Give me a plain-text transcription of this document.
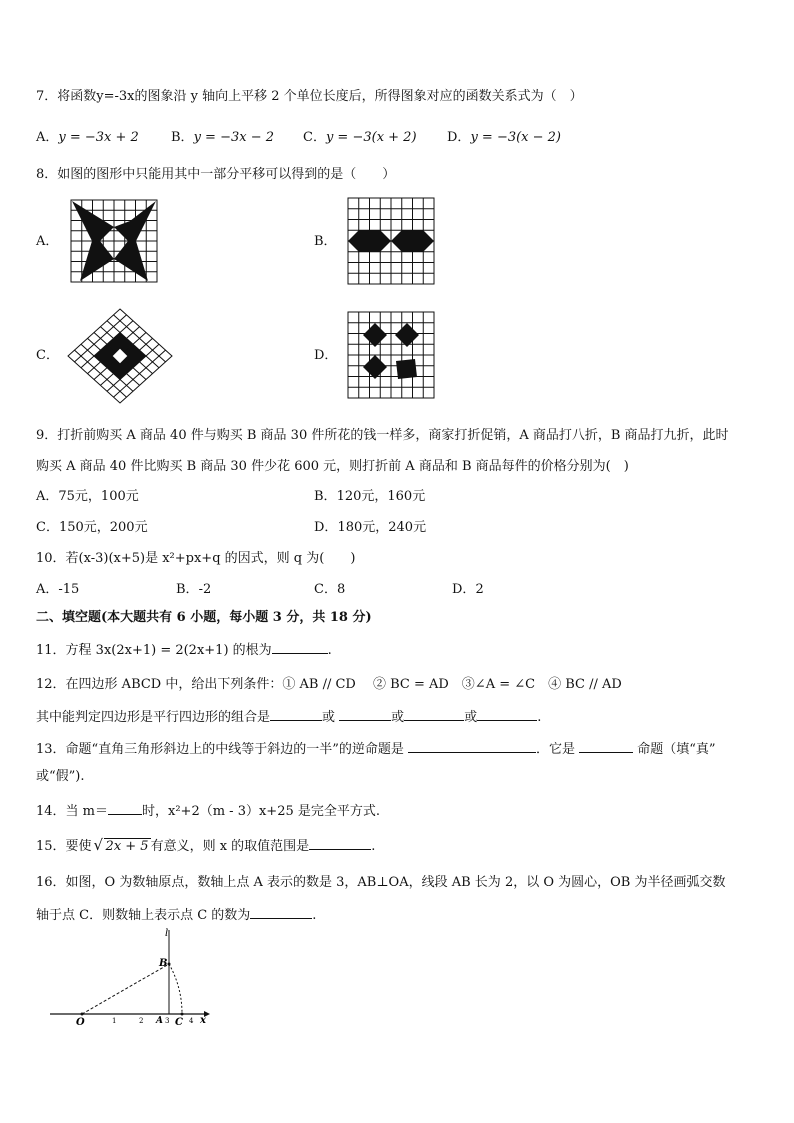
7．将函数y=-3x的图象沿 y 轴向上平移 2 个单位长度后，所得图象对应的函数关系式为（　）
A．𝑦 = −3𝑥 + 2 B．𝑦 = −3𝑥 − 2 C．𝑦 = −3(𝑥 + 2) D．𝑦 = −3(𝑥 − 2)
8．如图的图形中只能用其中一部分平移可以得到的是（　　）
A．	B．
C．	D．
9．打折前购买 A 商品 40 件与购买 B 商品 30 件所花的钱一样多，商家打折促销，A 商品打八折，B 商品打九折，此时
购买 A 商品 40 件比购买 B 商品 30 件少花 600 元，则打折前 A 商品和 B 商品每件的价格分别为(　)
A．75元，100元	B．120元，160元
C．150元，200元	D．180元，240元
10．若(x-3)(x+5)是 x²+px+q 的因式，则 q 为(　　)
A．-15	B．-2	C．8	D．2
二、填空题(本大题共有 6 小题，每小题 3 分，共 18 分)
11．方程 3x(2x+1) = 2(2x+1) 的根为	.
12．在四边形 ABCD 中，给出下列条件：① AB // CD　 ② BC = AD　③∠A = ∠C　④ BC // AD
其中能判定四边形是平行四边形的组合是	或	或	或	.
13．命题“直角三角形斜边上的中线等于斜边的一半”的逆命题是	．它是	命题（填“真”
或“假”).
14．当 m＝	时，x²+2（m - 3）x+25 是完全平方式.
15．要使 √ 2x + 5 有意义，则 x 的取值范围是	.
16．如图，O 为数轴原点，数轴上点 A 表示的数是 3，AB⊥OA，线段 AB 长为 2，以 O 为圆心，OB 为半径画弧交数
轴于点 C．则数轴上表示点 C 的数为	.
O	1	2 A 3 C 4 x
B
l
